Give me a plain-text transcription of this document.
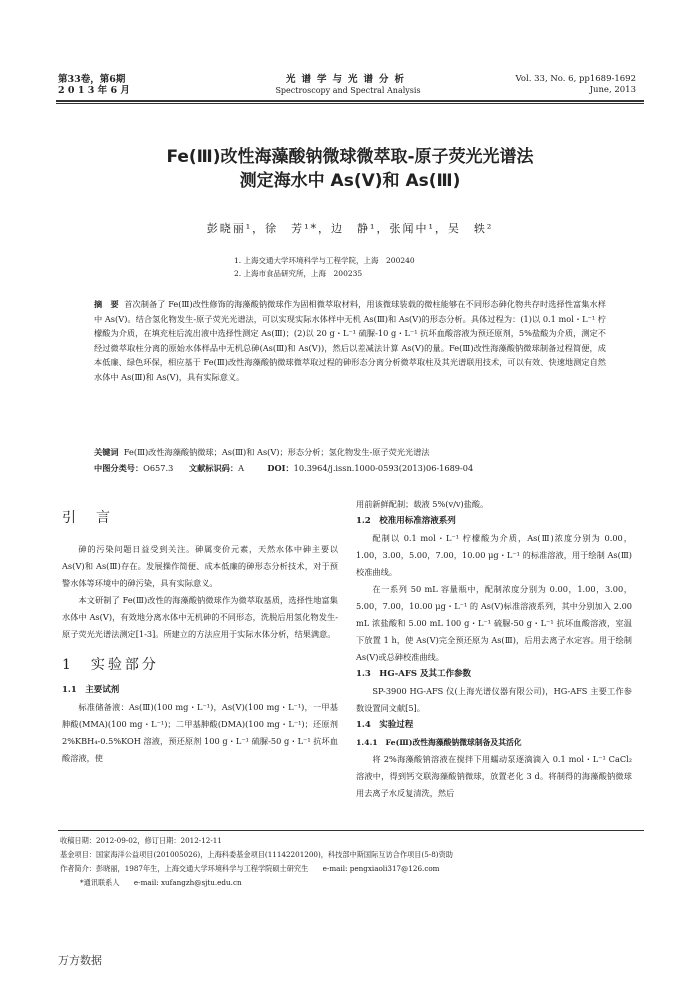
第33卷，第6期
2 0 1 3 年 6 月
光谱学与光谱分析
Spectroscopy and Spectral Analysis
Vol. 33, No. 6, pp1689-1692
June, 2013
Fe(Ⅲ)改性海藻酸钠微球微萃取-原子荧光光谱法
测定海水中 As(Ⅴ)和 As(Ⅲ)
彭晓丽¹，徐　芳¹*，边　静¹，张闻中¹，吴　轶²
1. 上海交通大学环境科学与工程学院，上海　200240
2. 上海市食品研究所，上海　200235
摘　要 首次制备了 Fe(Ⅲ)改性修饰的海藻酸钠微球作为固相微萃取材料，用该微球装载的微柱能够在不同形态砷化物共存时选择性富集水样中 As(Ⅴ)。结合氢化物发生-原子荧光光谱法，可以实现实际水体样中无机 As(Ⅲ)和 As(Ⅴ)的形态分析。具体过程为：(1)以 0.1 mol・L⁻¹ 柠檬酸为介质，在填充柱后流出液中选择性测定 As(Ⅲ)；(2)以 20 g・L⁻¹ 硫脲-10 g・L⁻¹ 抗坏血酸溶液为预还原剂，5%盐酸为介质，测定不经过微萃取柱分离的原始水体样品中无机总砷(As(Ⅲ)和 As(Ⅴ))，然后以差减法计算 As(Ⅴ)的量。Fe(Ⅲ)改性海藻酸钠微球制备过程简便，成本低廉、绿色环保，相应基于 Fe(Ⅲ)改性海藻酸钠微球微萃取过程的砷形态分离分析微萃取柱及其光谱联用技术，可以有效、快速地测定自然水体中 As(Ⅲ)和 As(Ⅴ)，具有实际意义。
关键词 Fe(Ⅲ)改性海藻酸钠微球；As(Ⅲ)和 As(Ⅴ)；形态分析；氢化物发生-原子荧光光谱法
中图分类号：O657.3 文献标识码：A	DOI：10.3964/j.issn.1000-0593(2013)06-1689-04
引　言

砷的污染问题日益受到关注。砷属变价元素，天然水体中砷主要以 As(Ⅴ)和 As(Ⅲ)存在。发展操作简便、成本低廉的砷形态分析技术，对于预警水体等环境中的砷污染，具有实际意义。

本文研制了 Fe(Ⅲ)改性的海藻酸钠微球作为微萃取基质，选择性地富集水体中 As(Ⅴ)，有效地分离水体中无机砷的不同形态，洗脱后用氢化物发生-原子荧光光谱法测定[1-3]。所建立的方法应用于实际水体分析，结果满意。

1　实验部分
1.1　主要试剂

标准储备液：As(Ⅲ)(100 mg・L⁻¹)，As(Ⅴ)(100 mg・L⁻¹)，一甲基胂酸(MMA)(100 mg・L⁻¹)；二甲基胂酸(DMA)(100 mg・L⁻¹)；还原剂 2%KBH₄-0.5%KOH 溶液，预还原剂 100 g・L⁻¹ 硫脲-50 g・L⁻¹ 抗坏血酸溶液，使

用前新鲜配制；载液 5%(v/v)盐酸。

1.2　校准用标准溶液系列

配制以 0.1 mol・L⁻¹ 柠檬酸为介质，As(Ⅲ)浓度分别为 0.00，1.00，3.00，5.00，7.00，10.00 μg・L⁻¹ 的标准溶液，用于绘制 As(Ⅲ)校准曲线。

在一系列 50 mL 容量瓶中，配制浓度分别为 0.00，1.00，3.00，5.00，7.00，10.00 μg・L⁻¹ 的 As(Ⅴ)标准溶液系列，其中分别加入 2.00 mL 浓盐酸和 5.00 mL 100 g・L⁻¹ 硫脲-50 g・L⁻¹ 抗坏血酸溶液，室温下放置 1 h，使 As(Ⅴ)完全预还原为 As(Ⅲ)，后用去离子水定容。用于绘制 As(Ⅴ)或总砷校准曲线。

1.3　HG-AFS 及其工作参数

SP-3900 HG-AFS 仪(上海光谱仪器有限公司)，HG-AFS 主要工作参数设置同文献[5]。

1.4　实验过程
1.4.1　Fe(Ⅲ)改性海藻酸钠微球制备及其活化

将 2%海藻酸钠溶液在搅拌下用蠕动泵逐滴滴入 0.1 mol・L⁻¹ CaCl₂ 溶液中，得到钙交联海藻酸钠微球，放置老化 3 d。将制得的海藻酸钠微球用去离子水反复清洗，然后

收稿日期：2012-09-02，修订日期：2012-12-11
基金项目：国家海洋公益项目(201005026)，上海科委基金项目(11142201200)，科技部中斯国际互访合作项目(5-8)资助
作者简介：彭晓丽，1987年生，上海交通大学环境科学与工程学院硕士研究生　　e-mail: pengxiaoli317@126.com
*通讯联系人　　e-mail: xufangzh@sjtu.edu.cn
万方数据
